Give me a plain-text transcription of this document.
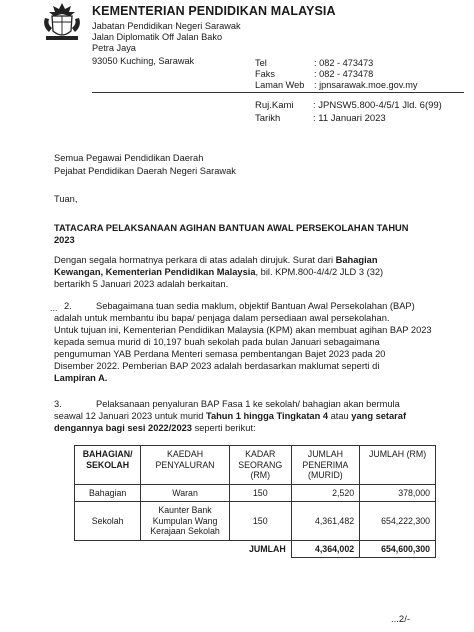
KEMENTERIAN PENDIDIKAN MALAYSIA
Jabatan Pendidikan Negeri Sarawak
Jalan Diplomatik Off Jalan Bako
Petra Jaya
93050 Kuching, Sarawak	Tel	: 082 - 473473
Faks	: 082 - 473478
Laman Web : jpnsarawak.moe.gov.my
Ruj.Kami : JPNSW5.800-4/5/1 Jld. 6(99)
Tarikh	: 11 Januari 2023
Semua Pegawai Pendidikan Daerah
Pejabat Pendidikan Daerah Negeri Sarawak
Tuan,
TATACARA PELAKSANAAN AGIHAN BANTUAN AWAL PERSEKOLAHAN TAHUN
2023
Dengan segala hormatnya perkara di atas adalah dirujuk. Surat dari Bahagian
Kewangan, Kementerian Pendidikan Malaysia, bil. KPM.800-4/4/2 JLD 3 (32)
bertarikh 5 Januari 2023 adalah berkaitan.
... 2.	Sebagaimana tuan sedia maklum, objektif Bantuan Awal Persekolahan (BAP)
adalah untuk membantu ibu bapa/ penjaga dalam persediaan awal persekolahan.
Untuk tujuan ini, Kementerian Pendidikan Malaysia (KPM) akan membuat agihan BAP 2023
kepada semua murid di 10,197 buah sekolah pada bulan Januari sebagaimana
pengumuman YAB Perdana Menteri semasa pembentangan Bajet 2023 pada 20
Disember 2022. Pemberian BAP 2023 adalah berdasarkan maklumat seperti di
Lampiran A.
3.	Pelaksanaan penyaluran BAP Fasa 1 ke sekolah/ bahagian akan bermula
seawal 12 Januari 2023 untuk murid Tahun 1 hingga Tingkatan 4 atau yang setaraf
dengannya bagi sesi 2022/2023 seperti berikut:
BAHAGIAN/ SEKOLAH	KAEDAH PENYALURAN	KADAR SEORANG (RM)	JUMLAH PENERIMA (MURID)	JUMLAH (RM)
Bahagian	Waran	150	2,520	378,000
Sekolah	Kaunter Bank Kumpulan Wang Kerajaan Sekolah	150	4,361,482	654,222,300
		JUMLAH	4,364,002	654,600,300
...2/-
